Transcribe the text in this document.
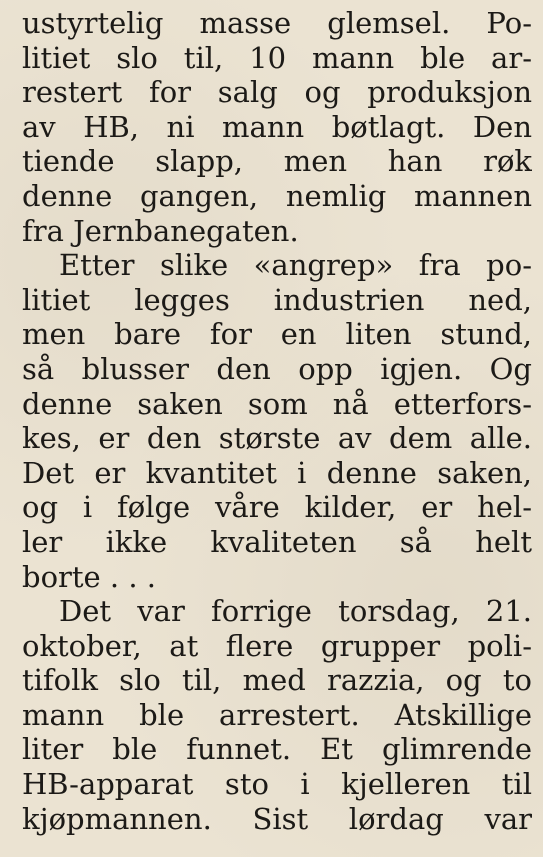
ustyrtelig masse glemsel. Po-
litiet slo til, 10 mann ble ar-
restert for salg og produksjon
av HB, ni mann bøtlagt. Den
tiende slapp, men han røk
denne gangen, nemlig mannen
fra Jernbanegaten.
Etter slike «angrep» fra po-
litiet legges industrien ned,
men bare for en liten stund,
så blusser den opp igjen. Og
denne saken som nå etterfors-
kes, er den største av dem alle.
Det er kvantitet i denne saken,
og i følge våre kilder, er hel-
ler ikke kvaliteten så helt
borte . . .
Det var forrige torsdag, 21.
oktober, at flere grupper poli-
tifolk slo til, med razzia, og to
mann ble arrestert. Atskillige
liter ble funnet. Et glimrende
HB-apparat sto i kjelleren til
kjøpmannen. Sist lørdag var
